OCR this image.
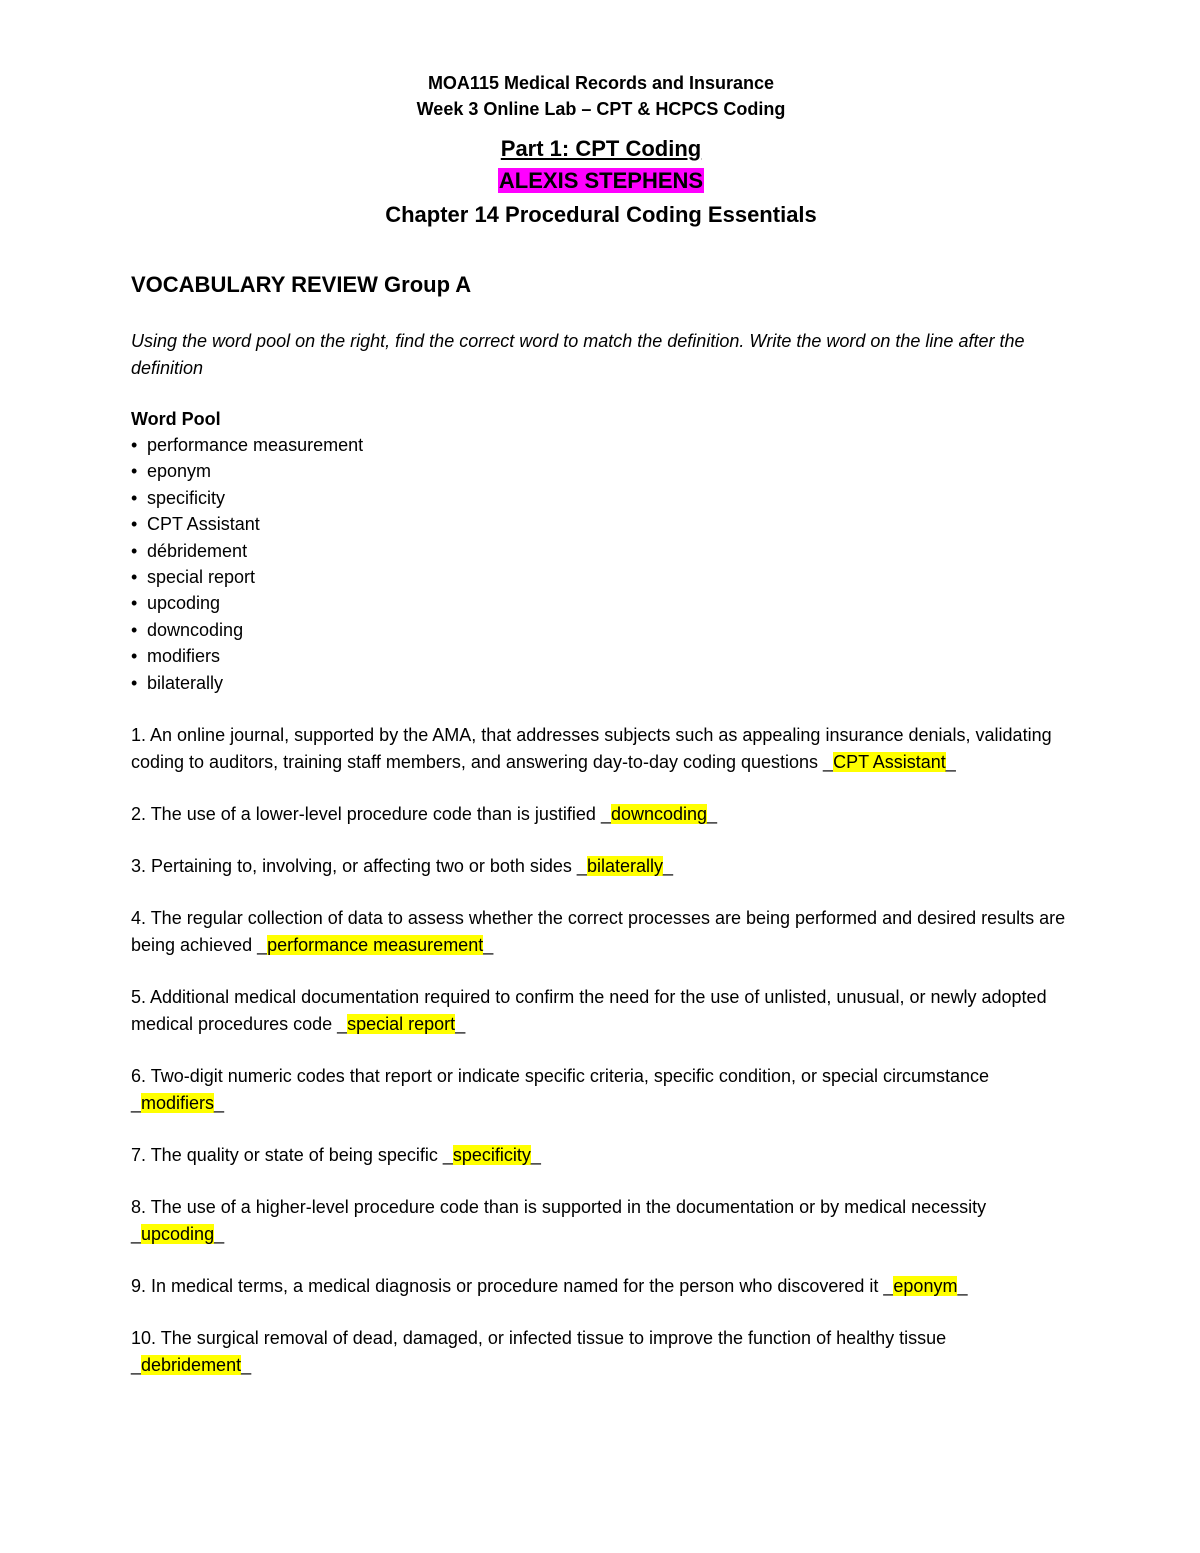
MOA115 Medical Records and Insurance

Week 3 Online Lab – CPT & HCPCS Coding

Part 1: CPT Coding

ALEXIS STEPHENS

Chapter 14 Procedural Coding Essentials

VOCABULARY REVIEW Group A

Using the word pool on the right, find the correct word to match the definition. Write the word on the line after the definition

Word Pool

• performance measurement
• eponym
• specificity
• CPT Assistant
• débridement
• special report
• upcoding
• downcoding
• modifiers
• bilaterally

1. An online journal, supported by the AMA, that addresses subjects such as appealing insurance denials, validating coding to auditors, training staff members, and answering day-to-day coding questions _CPT Assistant_

2. The use of a lower-level procedure code than is justified _downcoding_

3. Pertaining to, involving, or affecting two or both sides _bilaterally_

4. The regular collection of data to assess whether the correct processes are being performed and desired results are being achieved _performance measurement_

5. Additional medical documentation required to confirm the need for the use of unlisted, unusual, or newly adopted medical procedures code _special report_

6. Two-digit numeric codes that report or indicate specific criteria, specific condition, or special circumstance _modifiers_

7. The quality or state of being specific _specificity_

8. The use of a higher-level procedure code than is supported in the documentation or by medical necessity _upcoding_

9. In medical terms, a medical diagnosis or procedure named for the person who discovered it _eponym_

10. The surgical removal of dead, damaged, or infected tissue to improve the function of healthy tissue _debridement_
